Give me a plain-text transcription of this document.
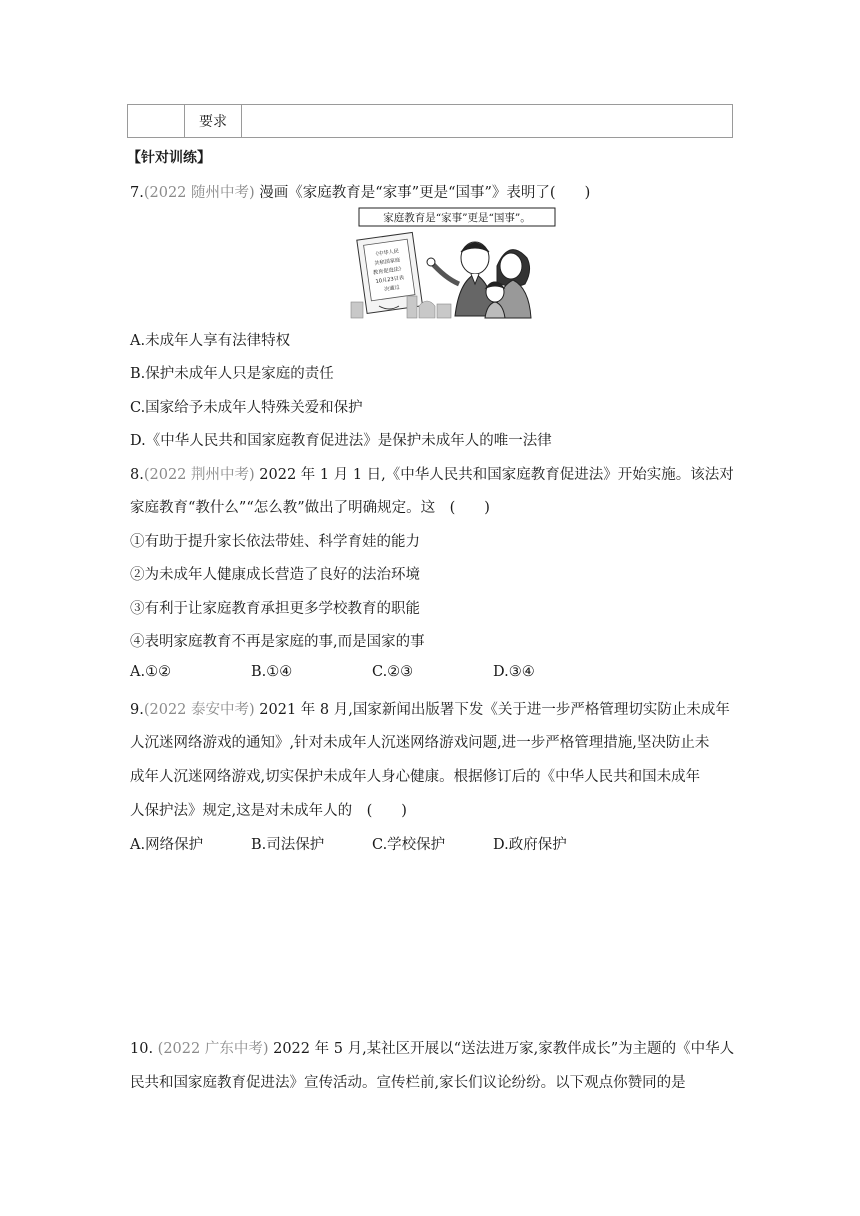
	要求	
【针对训练】
7.(2022 随州中考) 漫画《家庭教育是“家事”更是“国事”》表明了(　　)
家庭教育是“家事”更是“国事”。
《中华人民 共和国家庭 教育促进法》 10月23日表 决通过
A.未成年人享有法律特权
B.保护未成年人只是家庭的责任
C.国家给予未成年人特殊关爱和保护
D.《中华人民共和国家庭教育促进法》是保护未成年人的唯一法律
8.(2022 荆州中考) 2022 年 1 月 1 日,《中华人民共和国家庭教育促进法》开始实施。该法对
家庭教育“教什么”“怎么教”做出了明确规定。这　(　　)
①有助于提升家长依法带娃、科学育娃的能力
②为未成年人健康成长营造了良好的法治环境
③有利于让家庭教育承担更多学校教育的职能
④表明家庭教育不再是家庭的事,而是国家的事
A.①②	B.①④	C.②③	D.③④
9.(2022 泰安中考) 2021 年 8 月,国家新闻出版署下发《关于进一步严格管理切实防止未成年
人沉迷网络游戏的通知》,针对未成年人沉迷网络游戏问题,进一步严格管理措施,坚决防止未
成年人沉迷网络游戏,切实保护未成年人身心健康。根据修订后的《中华人民共和国未成年
人保护法》规定,这是对未成年人的　(　　)
A.网络保护	B.司法保护	C.学校保护	D.政府保护
10. (2022 广东中考) 2022 年 5 月,某社区开展以“送法进万家,家教伴成长”为主题的《中华人
民共和国家庭教育促进法》宣传活动。宣传栏前,家长们议论纷纷。以下观点你赞同的是
